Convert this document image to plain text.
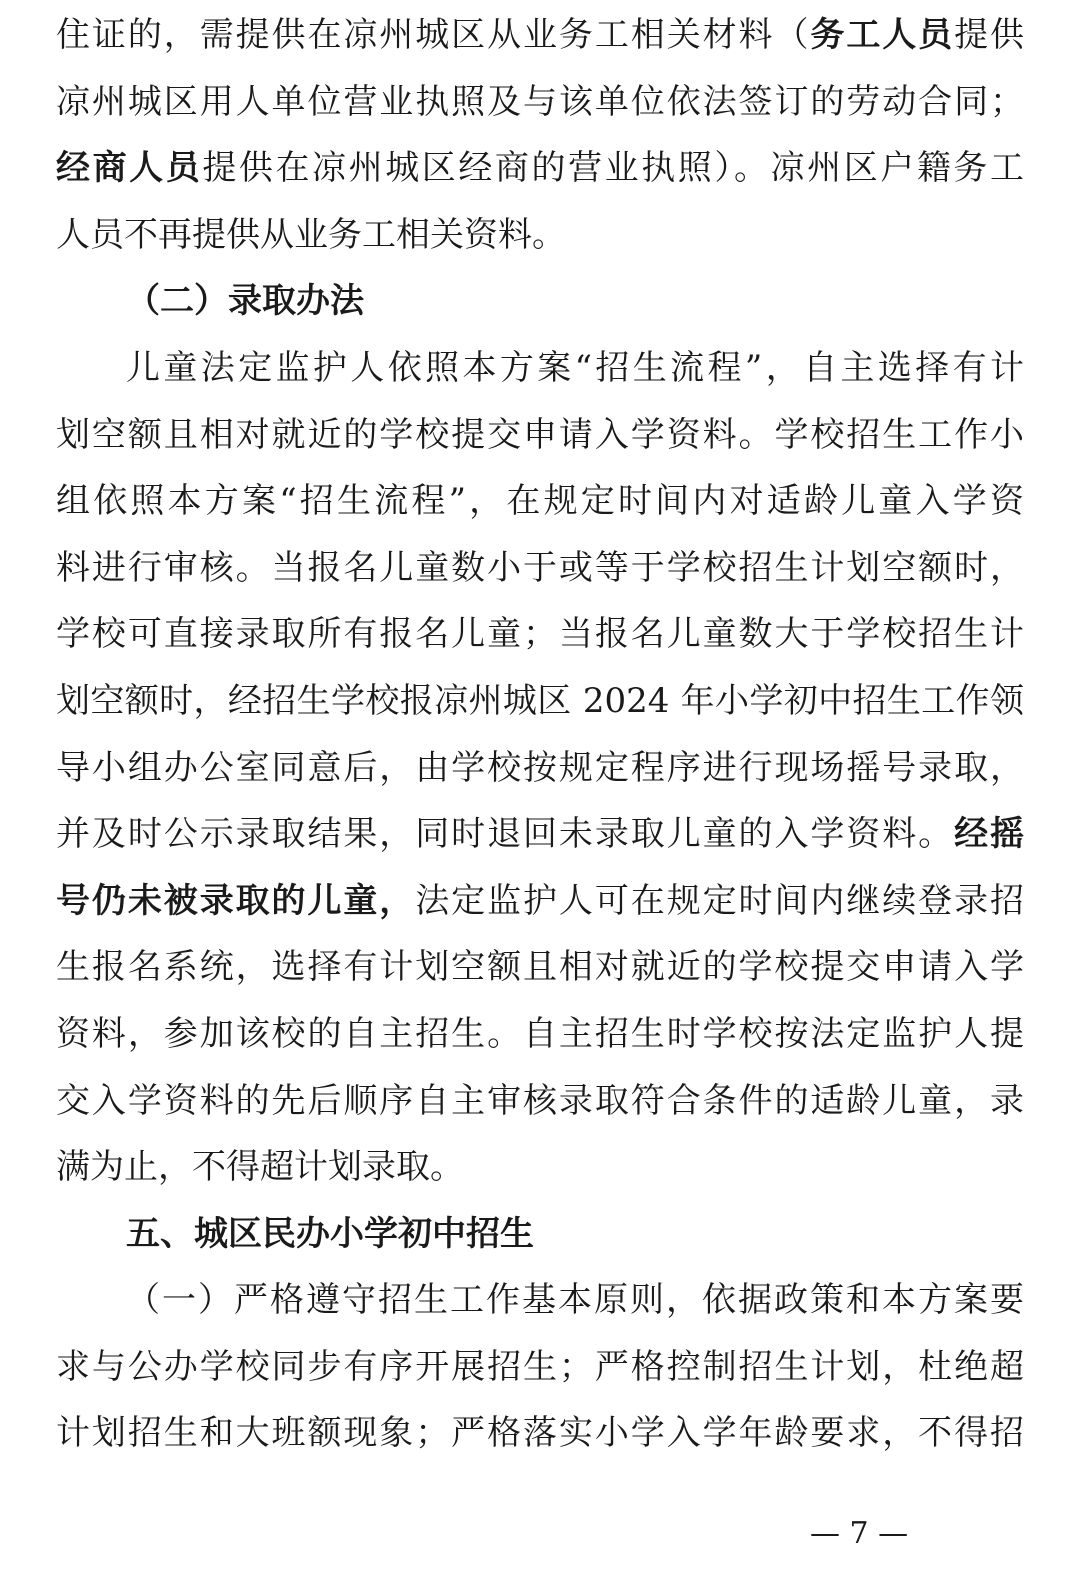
住证的，需提供在凉州城区从业务工相关材料（务工人员提供
凉州城区用人单位营业执照及与该单位依法签订的劳动合同；
经商人员提供在凉州城区经商的营业执照）。凉州区户籍务工
人员不再提供从业务工相关资料。
（二）录取办法
儿童法定监护人依照本方案“招生流程”，自主选择有计
划空额且相对就近的学校提交申请入学资料。学校招生工作小
组依照本方案“招生流程”，在规定时间内对适龄儿童入学资
料进行审核。当报名儿童数小于或等于学校招生计划空额时，
学校可直接录取所有报名儿童；当报名儿童数大于学校招生计
划空额时，经招生学校报凉州城区 2024 年小学初中招生工作领
导小组办公室同意后，由学校按规定程序进行现场摇号录取，
并及时公示录取结果，同时退回未录取儿童的入学资料。经摇
号仍未被录取的儿童，法定监护人可在规定时间内继续登录招
生报名系统，选择有计划空额且相对就近的学校提交申请入学
资料，参加该校的自主招生。自主招生时学校按法定监护人提
交入学资料的先后顺序自主审核录取符合条件的适龄儿童，录
满为止，不得超计划录取。
五、城区民办小学初中招生
（一）严格遵守招生工作基本原则，依据政策和本方案要
求与公办学校同步有序开展招生；严格控制招生计划，杜绝超
计划招生和大班额现象；严格落实小学入学年龄要求，不得招
— 7 —
